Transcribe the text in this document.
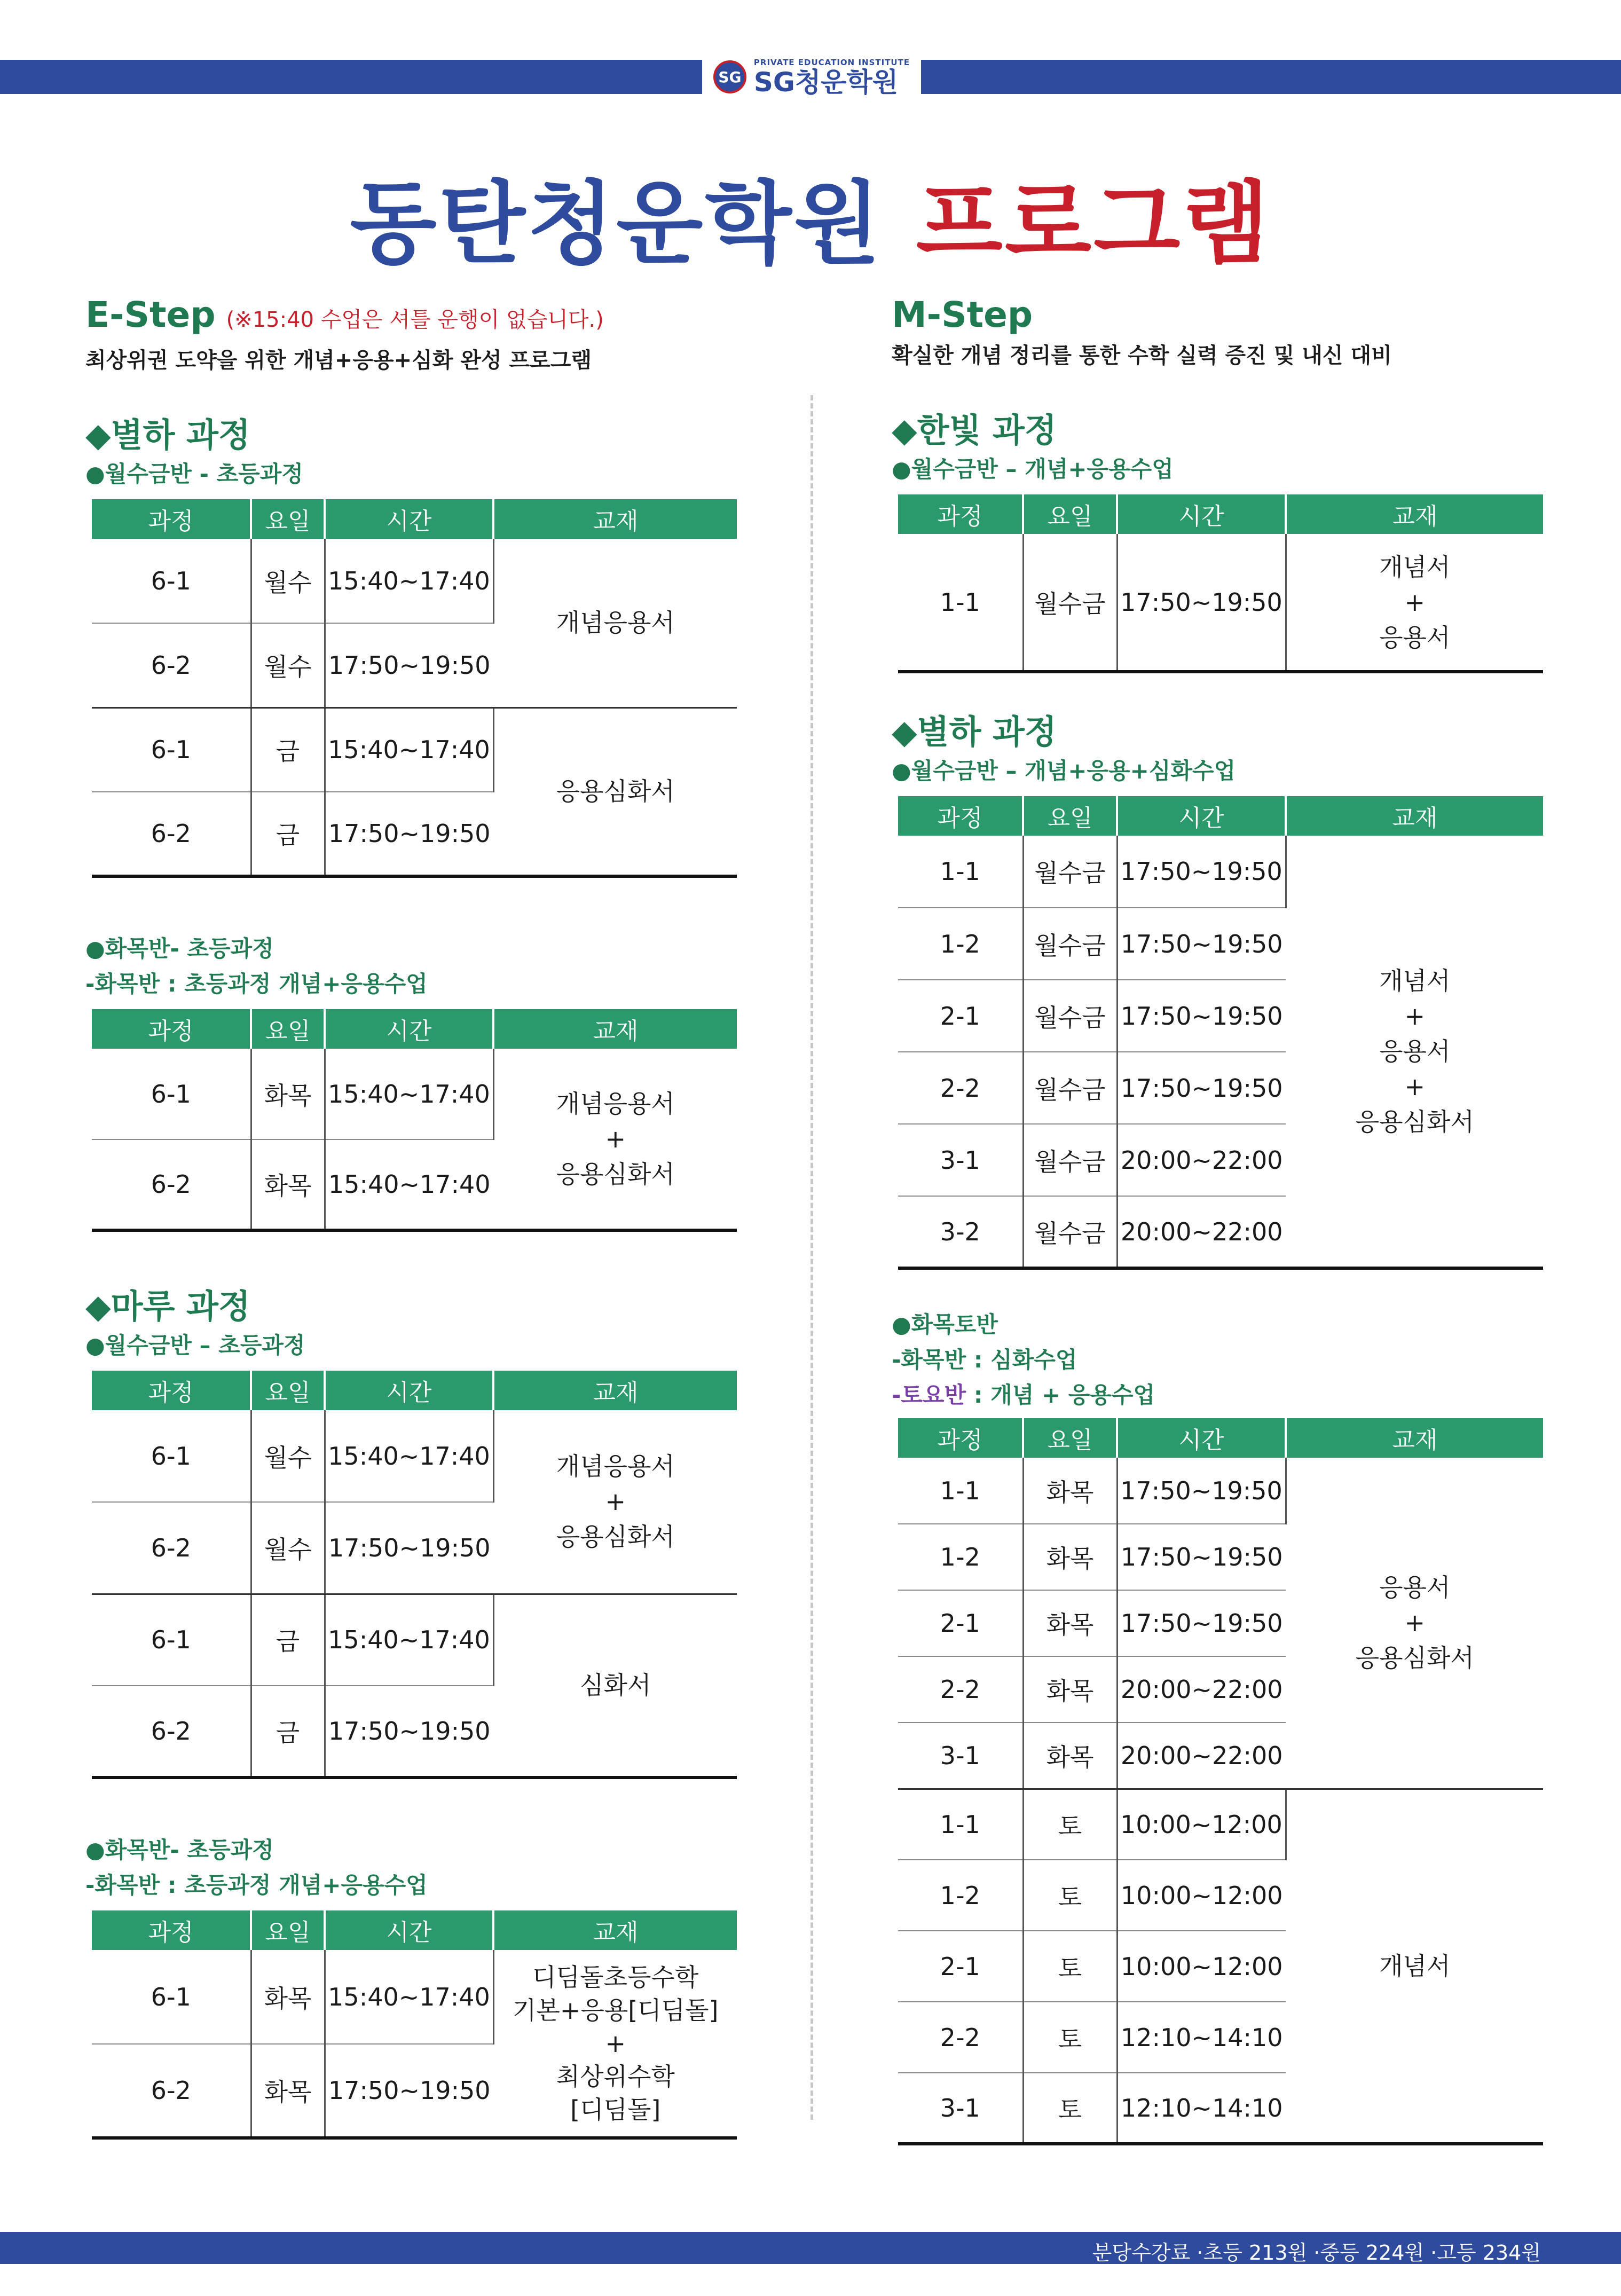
SG
PRIVATE EDUCATION INSTITUTE
SG청운학원
동탄청운학원 프로그램
E-Step (※15:40 수업은 셔틀 운행이 없습니다.)
최상위권 도약을 위한 개념+응용+심화 완성 프로그램
◆별하 과정
●월수금반 - 초등과정
과정	요일	시간	교재
6-1	월수	15:40~17:40	개념응용서
6-2	월수	17:50~19:50	
6-1	금	15:40~17:40	응용심화서
6-2	금	17:50~19:50	
●화목반- 초등과정
-화목반 : 초등과정 개념+응용수업
과정	요일	시간	교재
6-1	화목	15:40~17:40	개념응용서
+
응용심화서

6-2	화목	15:40~17:40	
◆마루 과정
●월수금반 – 초등과정
과정	요일	시간	교재
6-1	월수	15:40~17:40	개념응용서
+
응용심화서

6-2	월수	17:50~19:50	
6-1	금	15:40~17:40	심화서
6-2	금	17:50~19:50	
●화목반- 초등과정
-화목반 : 초등과정 개념+응용수업
과정	요일	시간	교재
6-1	화목	15:40~17:40	디딤돌초등수학
기본+응용[디딤돌]
+
최상위수학
[디딤돌]

6-2	화목	17:50~19:50	
M-Step
확실한 개념 정리를 통한 수학 실력 증진 및 내신 대비
◆한빛 과정
●월수금반 – 개념+응용수업
과정	요일	시간	교재
1-1	월수금	17:50~19:50	개념서
+
응용서
◆별하 과정
●월수금반 – 개념+응용+심화수업
과정	요일	시간	교재
1-1	월수금	17:50~19:50	개념서
+
응용서
+
응용심화서

1-2	월수금	17:50~19:50	
2-1	월수금	17:50~19:50	
2-2	월수금	17:50~19:50	
3-1	월수금	20:00~22:00	
3-2	월수금	20:00~22:00	
●화목토반
-화목반 : 심화수업
-토요반 : 개념 + 응용수업
과정	요일	시간	교재
1-1	화목	17:50~19:50	응용서
+
응용심화서

1-2	화목	17:50~19:50	
2-1	화목	17:50~19:50	
2-2	화목	20:00~22:00	
3-1	화목	20:00~22:00	
1-1	토	10:00~12:00	개념서
1-2	토	10:00~12:00	
2-1	토	10:00~12:00	
2-2	토	12:10~14:10	
3-1	토	12:10~14:10	
분당수강료 ·초등 213원 ·중등 224원 ·고등 234원
